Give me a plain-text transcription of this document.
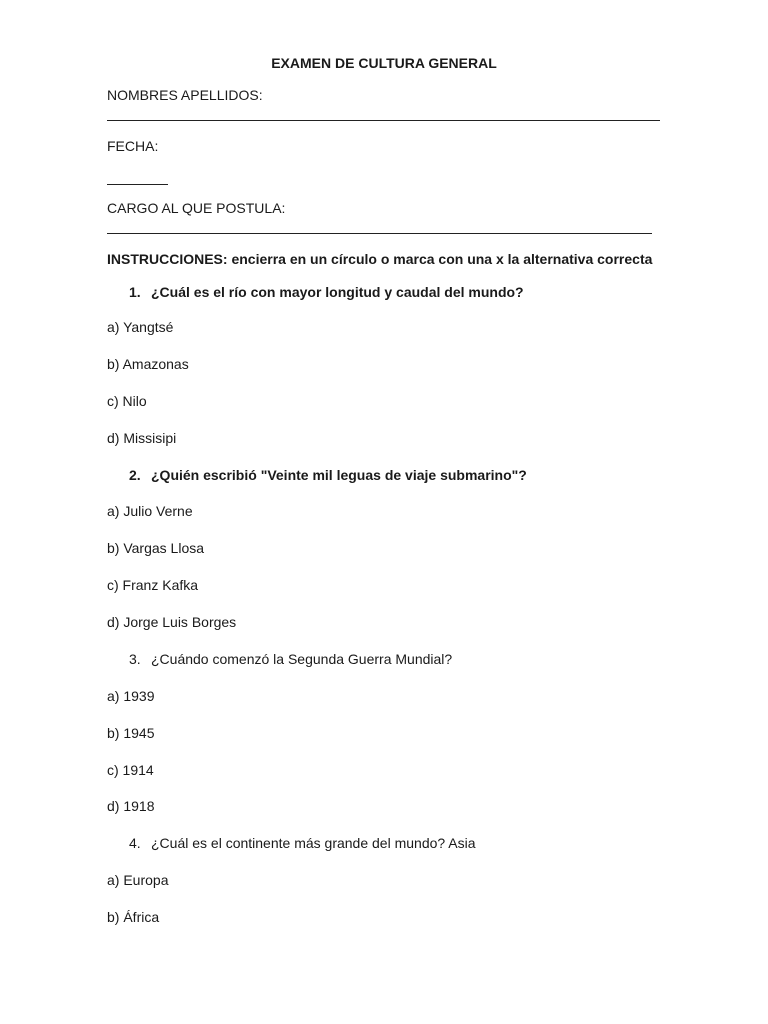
EXAMEN DE CULTURA GENERAL
NOMBRES APELLIDOS:
FECHA:
CARGO AL QUE POSTULA:
INSTRUCCIONES: encierra en un círculo o marca con una x la alternativa correcta
1. ¿Cuál es el río con mayor longitud y caudal del mundo?
a) Yangtsé
b) Amazonas
c) Nilo
d) Missisipi
2. ¿Quién escribió "Veinte mil leguas de viaje submarino"?
a) Julio Verne
b) Vargas Llosa
c) Franz Kafka
d) Jorge Luis Borges
3. ¿Cuándo comenzó la Segunda Guerra Mundial?
a) 1939
b) 1945
c) 1914
d) 1918
4. ¿Cuál es el continente más grande del mundo? Asia
a) Europa
b) África
